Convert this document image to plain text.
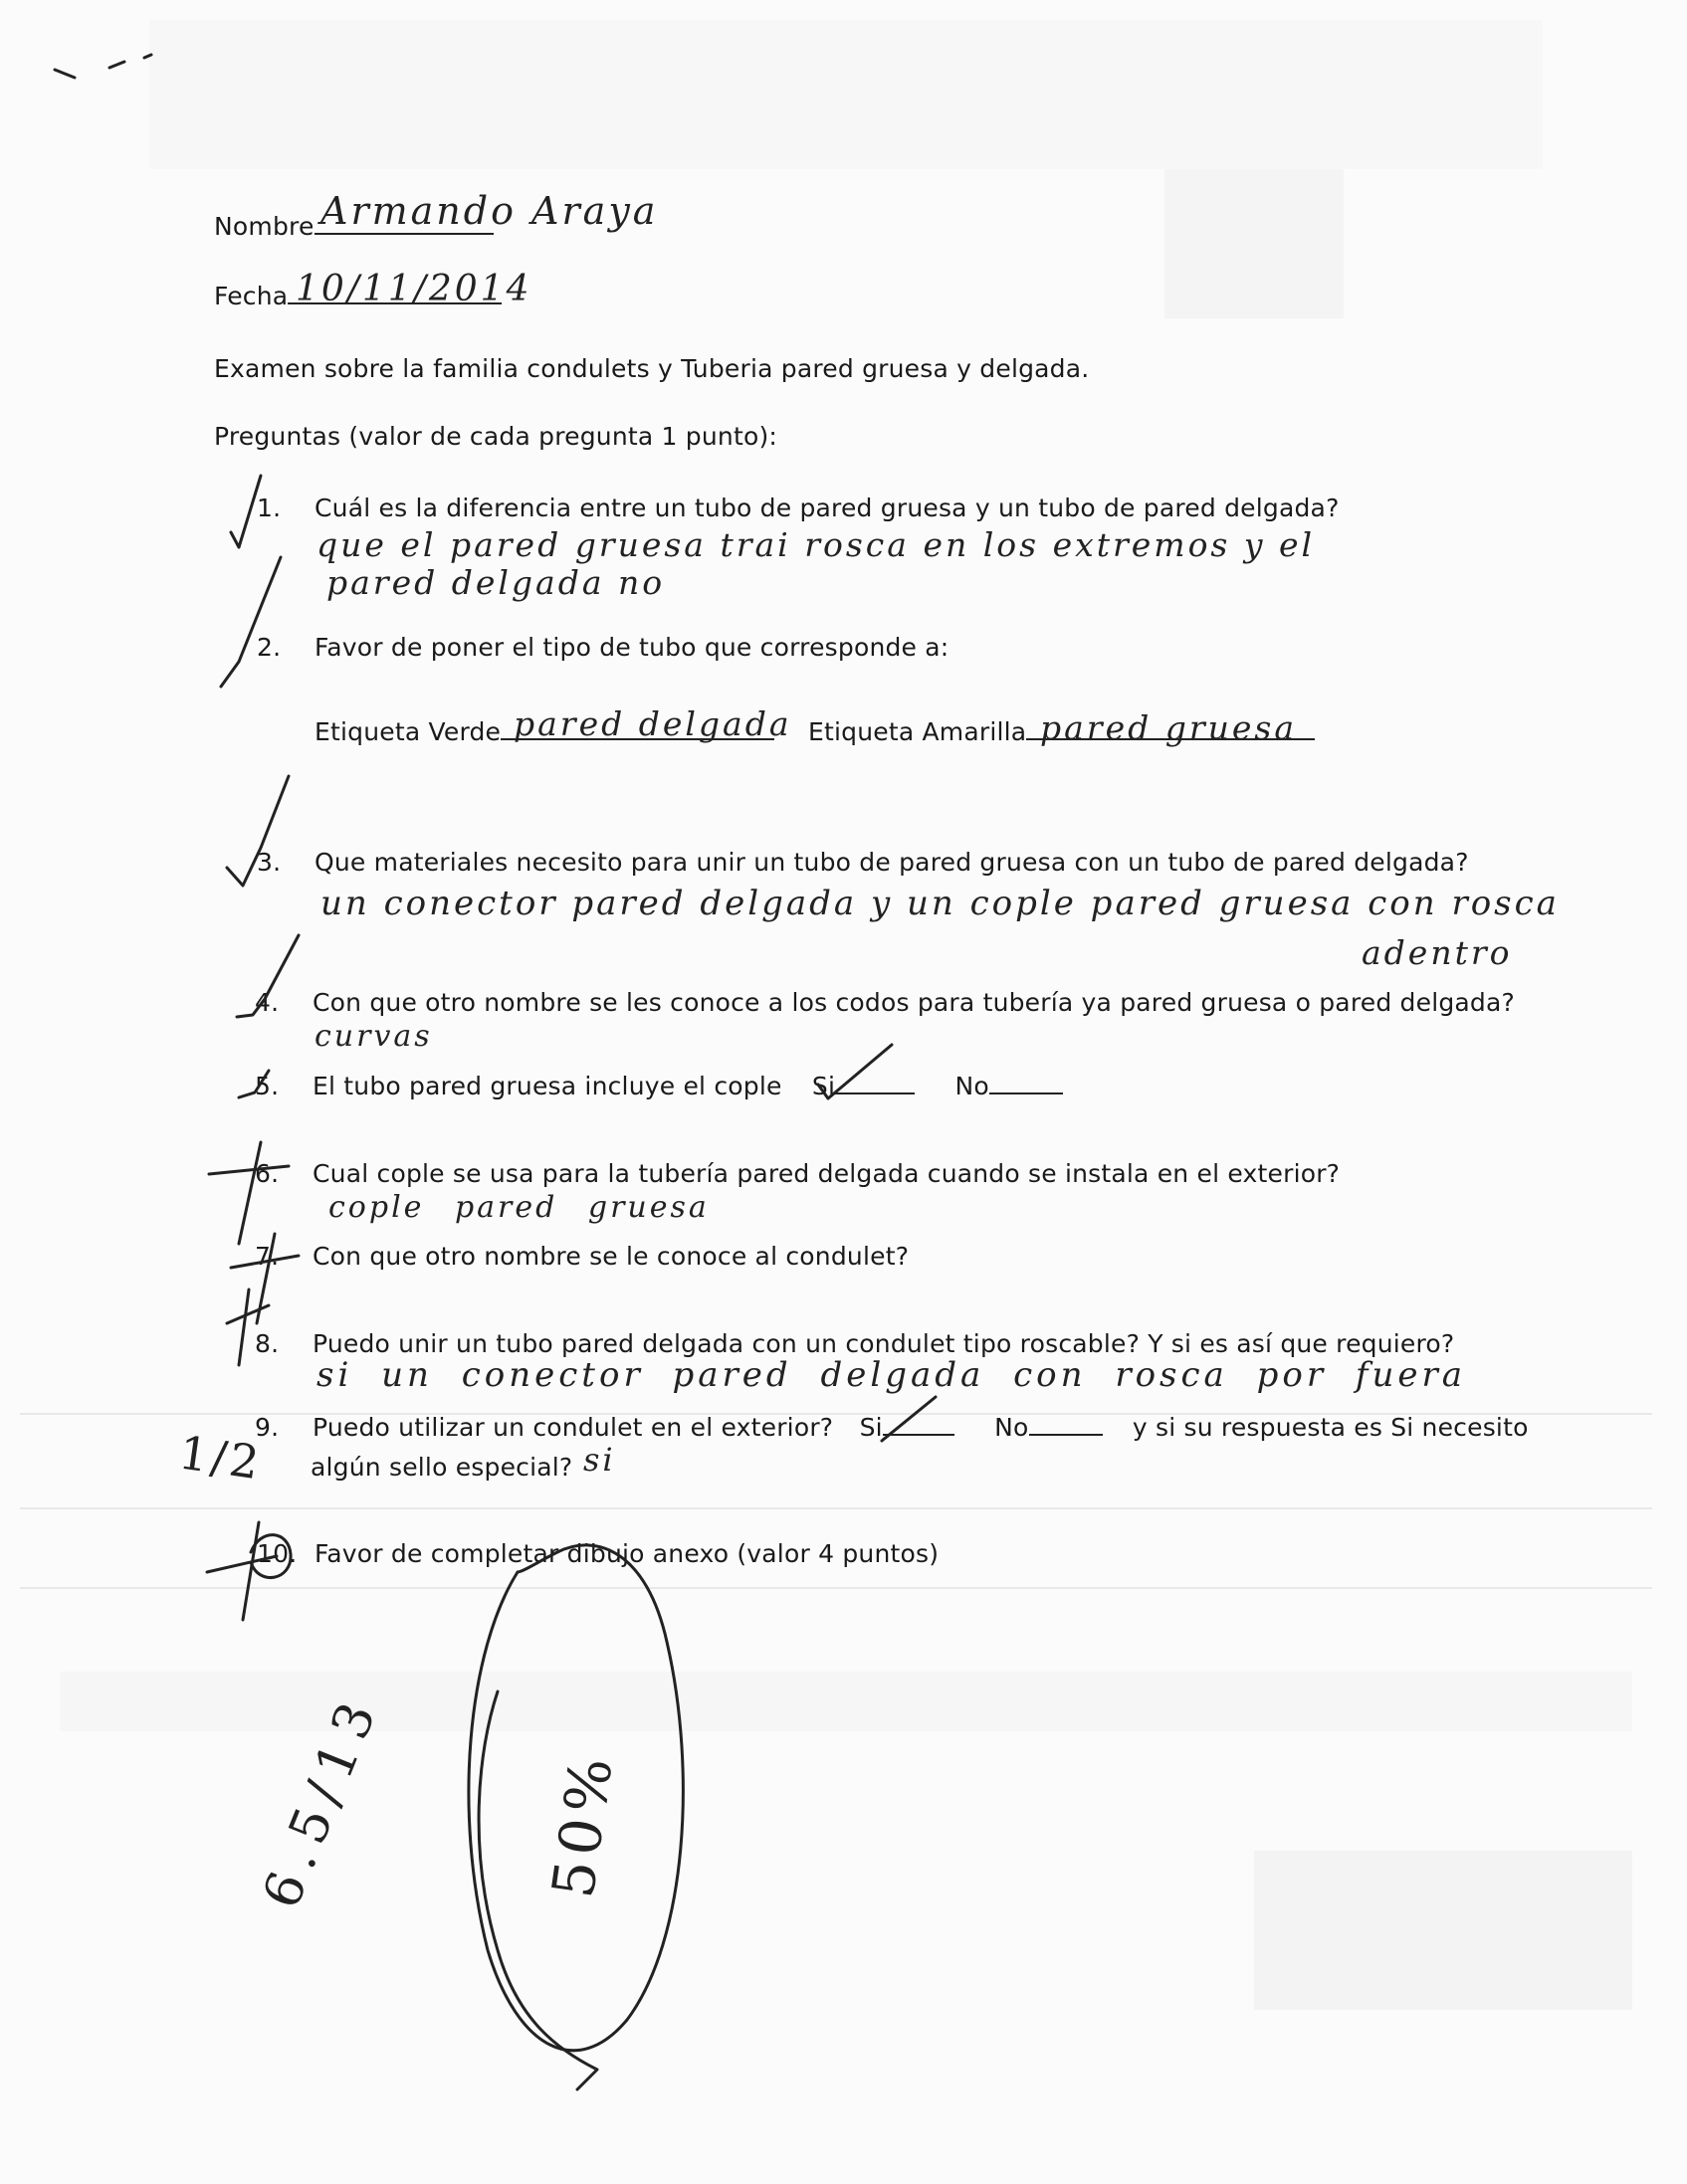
Nombre Armando Araya
Fecha 10/11/2014
Examen sobre la familia condulets y Tuberia pared gruesa y delgada.
Preguntas (valor de cada pregunta 1 punto):
1. Cuál es la diferencia entre un tubo de pared gruesa y un tubo de pared delgada?
que el pared gruesa trai rosca en los extremos y el
pared delgada no
2. Favor de poner el tipo de tubo que corresponde a:
Etiqueta Verde pared delgada Etiqueta Amarilla pared gruesa
3. Que materiales necesito para unir un tubo de pared gruesa con un tubo de pared delgada?
un conector pared delgada y un cople pared gruesa con rosca
adentro
4. Con que otro nombre se les conoce a los codos para tubería ya pared gruesa o pared delgada?
curvas
5. El tubo pared gruesa incluye el cople Si	No
6. Cual cople se usa para la tubería pared delgada cuando se instala en el exterior?
cople pared gruesa
7. Con que otro nombre se le conoce al condulet?
8. Puedo unir un tubo pared delgada con un condulet tipo roscable? Y si es así que requiero?
si un conector pared delgada con rosca por fuera
9. Puedo utilizar un condulet en el exterior? Si	No	y si su respuesta es Si necesito
algún sello especial? si
10. Favor de completar dibujo anexo (valor 4 puntos)
1/2
50%
6.5/13
